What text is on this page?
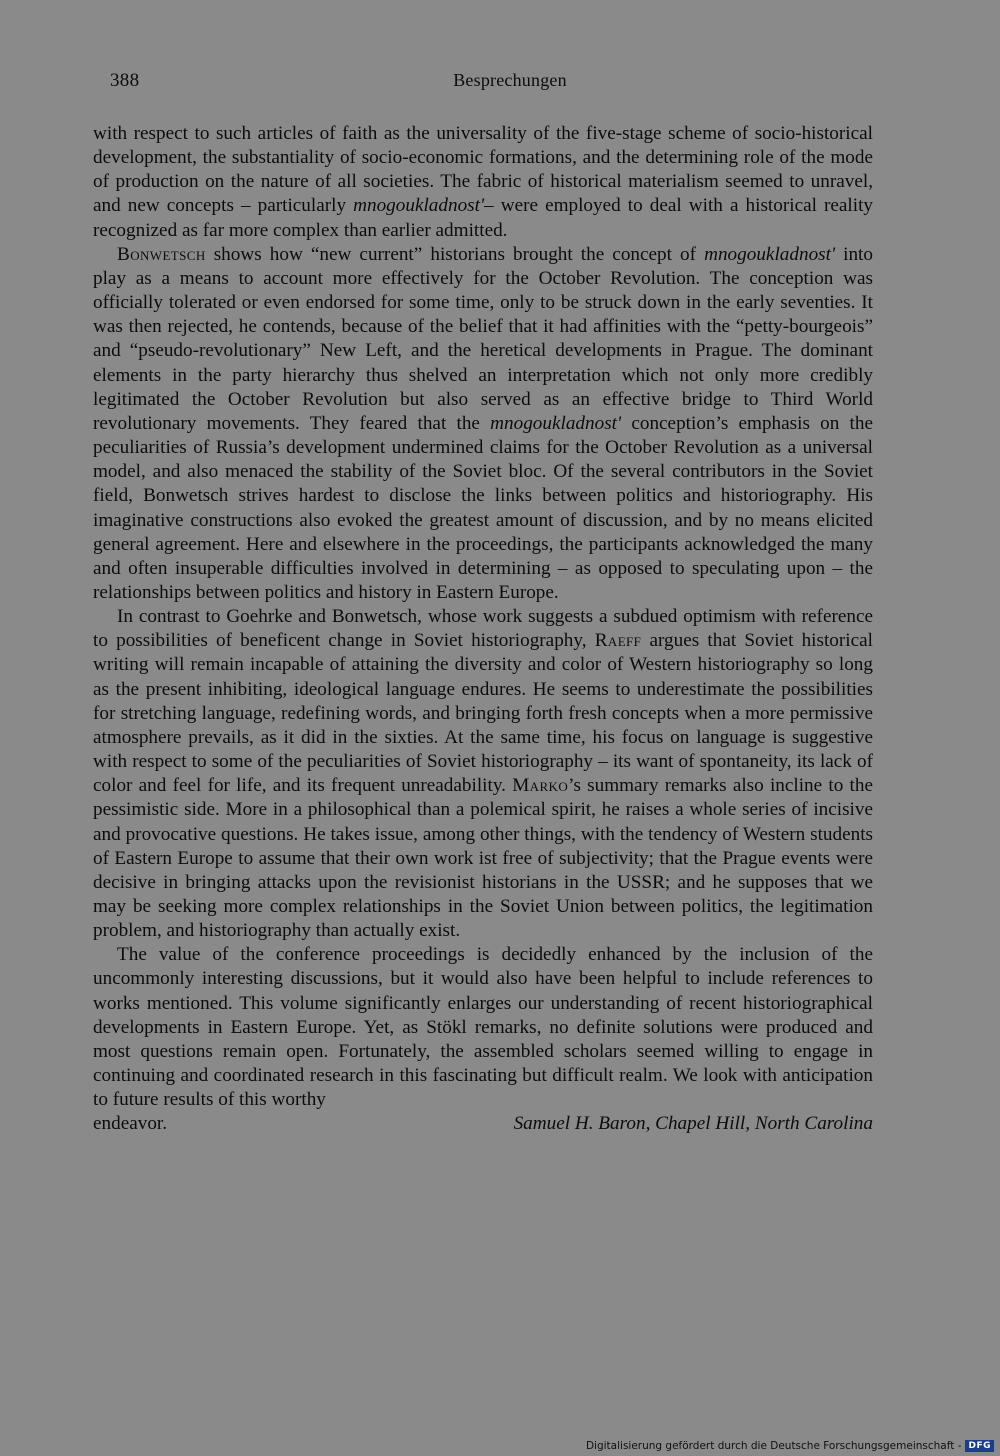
388	Besprechungen

with respect to such articles of faith as the universality of the five-stage scheme of socio-historical development, the substantiality of socio-economic formations, and the determining role of the mode of production on the nature of all societies. The fabric of historical materialism seemed to unravel, and new concepts – particularly mnogoukladnost'– were employed to deal with a historical reality recognized as far more complex than earlier admitted.

Bonwetsch shows how “new current” historians brought the concept of mnogoukladnost' into play as a means to account more effectively for the October Revolution. The conception was officially tolerated or even endorsed for some time, only to be struck down in the early seventies. It was then rejected, he contends, because of the belief that it had affinities with the “petty-bourgeois” and “pseudo-revolutionary” New Left, and the heretical developments in Prague. The dominant elements in the party hierarchy thus shelved an interpretation which not only more credibly legitimated the October Revolution but also served as an effective bridge to Third World revolutionary movements. They feared that the mnogoukladnost' conception’s emphasis on the peculiarities of Russia’s development undermined claims for the October Revolution as a universal model, and also menaced the stability of the Soviet bloc. Of the several contributors in the Soviet field, Bonwetsch strives hardest to disclose the links between politics and historiography. His imaginative constructions also evoked the greatest amount of discussion, and by no means elicited general agreement. Here and elsewhere in the proceedings, the participants acknowledged the many and often insuperable difficulties involved in determining – as opposed to speculating upon – the relationships between politics and history in Eastern Europe.

In contrast to Goehrke and Bonwetsch, whose work suggests a subdued optimism with reference to possibilities of beneficent change in Soviet historiography, Raeff argues that Soviet historical writing will remain incapable of attaining the diversity and color of Western historiography so long as the present inhibiting, ideological language endures. He seems to underestimate the possibilities for stretching language, redefining words, and bringing forth fresh concepts when a more permissive atmosphere prevails, as it did in the sixties. At the same time, his focus on language is suggestive with respect to some of the peculiarities of Soviet historiography – its want of spontaneity, its lack of color and feel for life, and its frequent unreadability. Marko’s summary remarks also incline to the pessimistic side. More in a philosophical than a polemical spirit, he raises a whole series of incisive and provocative questions. He takes issue, among other things, with the tendency of Western students of Eastern Europe to assume that their own work ist free of subjectivity; that the Prague events were decisive in bringing attacks upon the revisionist historians in the USSR; and he supposes that we may be seeking more complex relationships in the Soviet Union between politics, the legitimation problem, and historiography than actually exist.

The value of the conference proceedings is decidedly enhanced by the inclusion of the uncommonly interesting discussions, but it would also have been helpful to include references to works mentioned. This volume significantly enlarges our understanding of recent historiographical developments in Eastern Europe. Yet, as Stökl remarks, no definite solutions were produced and most questions remain open. Fortunately, the assembled scholars seemed willing to engage in continuing and coordinated research in this fascinating but difficult realm. We look with anticipation to future results of this worthy

endeavor.	Samuel H. Baron, Chapel Hill, North Carolina
Digitalisierung gefördert durch die Deutsche Forschungsgemeinschaft - DFG
